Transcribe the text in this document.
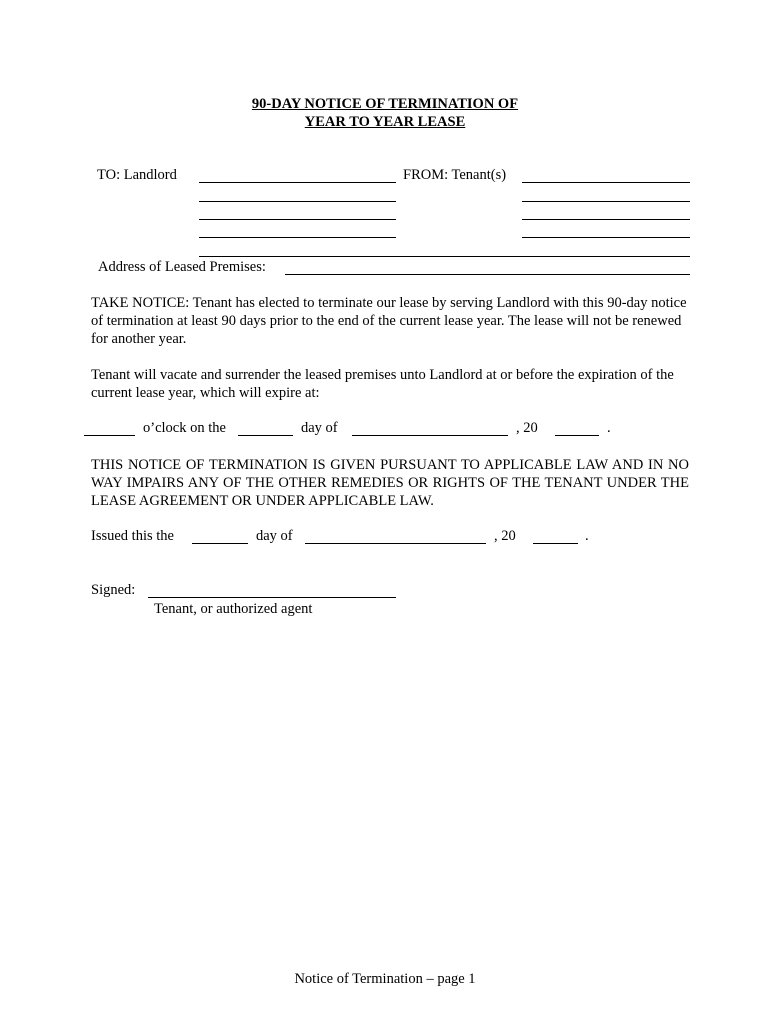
90-DAY NOTICE OF TERMINATION OF
YEAR TO YEAR LEASE
TO: Landlord	FROM: Tenant(s)
Address of Leased Premises:
TAKE NOTICE: Tenant has elected to terminate our lease by serving Landlord with this 90-day notice of termination at least 90 days prior to the end of the current lease year. The lease will not be renewed for another year.
Tenant will vacate and surrender the leased premises unto Landlord at or before the expiration of the current lease year, which will expire at:
o’clock on the	day of	, 20	.
THIS NOTICE OF TERMINATION IS GIVEN PURSUANT TO APPLICABLE LAW AND IN NO WAY IMPAIRS ANY OF THE OTHER REMEDIES OR RIGHTS OF THE TENANT UNDER THE LEASE AGREEMENT OR UNDER APPLICABLE LAW.
Issued this the	day of	, 20	.
Signed:
Tenant, or authorized agent
Notice of Termination – page 1
